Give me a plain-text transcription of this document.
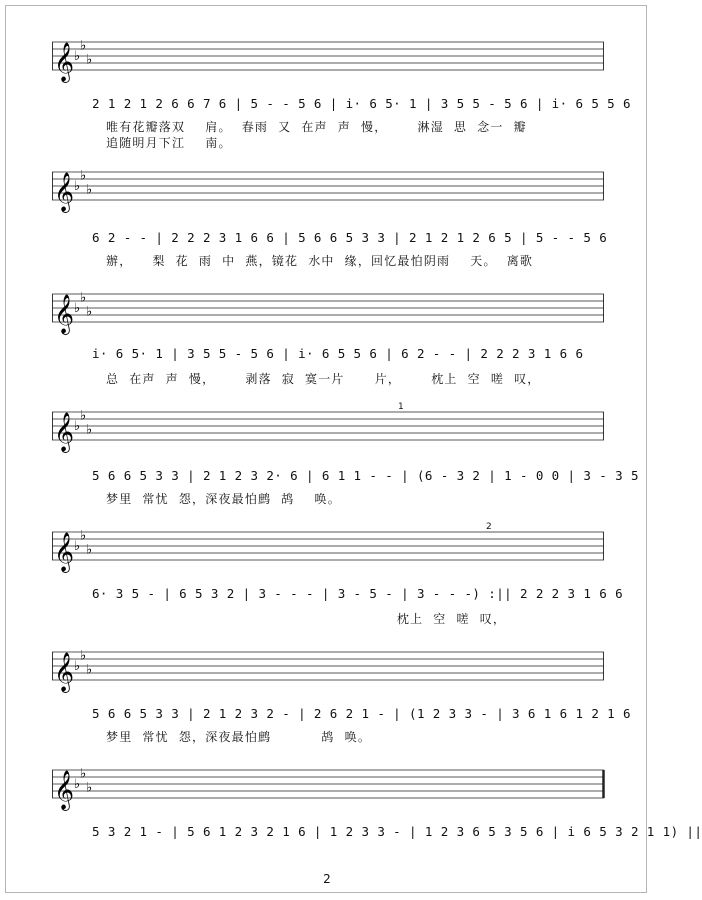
𝄞 ♭
♭
♭
2 1 2 1 2 6 6 7 6 | 5 - - 5 6 | i· 6 5· 1 | 3 5 5 - 5 6 | i· 6 5 5 6
唯有花瓣落双    肩。  春雨  又  在声  声  慢，      淋湿  思  念一  瓣
追随明月下江    南。
𝄞 ♭
♭
♭
6 2 - - | 2 2 2 3 1 6 6 | 5 6 6 5 3 3 | 2 1 2 1 2 6 5 | 5 - - 5 6
辦，    梨  花  雨  中  燕，镜花  水中  缘，回忆最怕阴雨    天。  离歌
𝄞 ♭
♭
♭
i· 6 5· 1 | 3 5 5 - 5 6 | i· 6 5 5 6 | 6 2 - - | 2 2 2 3 1 6 6
总  在声  声  慢，      剥落  寂  寞一片      片，      枕上  空  嗟  叹，
𝄞 ♭
♭
♭
1
5 6 6 5 3 3 | 2 1 2 3 2· 6 | 6 1 1 - - | (6 - 3 2 | 1 - 0 0 | 3 - 3 5
梦里  常忧  怨，深夜最怕鹧  鸪    唤。
𝄞 ♭
♭
♭
2
6· 3 5 - | 6 5 3 2 | 3 - - - | 3 - 5 - | 3 - - -) :|| 2 2 2 3 1 6 6
枕上  空  嗟  叹，
𝄞 ♭
♭
♭
5 6 6 5 3 3 | 2 1 2 3 2 - | 2 6 2 1 - | (1 2 3 3 - | 3 6 1 6 1 2 1 6
梦里  常忧  怨，深夜最怕鹧          鸪  唤。
𝄞 ♭
♭
♭
5 3 2 1 - | 5 6 1 2 3 2 1 6 | 1 2 3 3 - | 1 2 3 6 5 3 5 6 | i 6 5 3 2 1 1) ||
2
